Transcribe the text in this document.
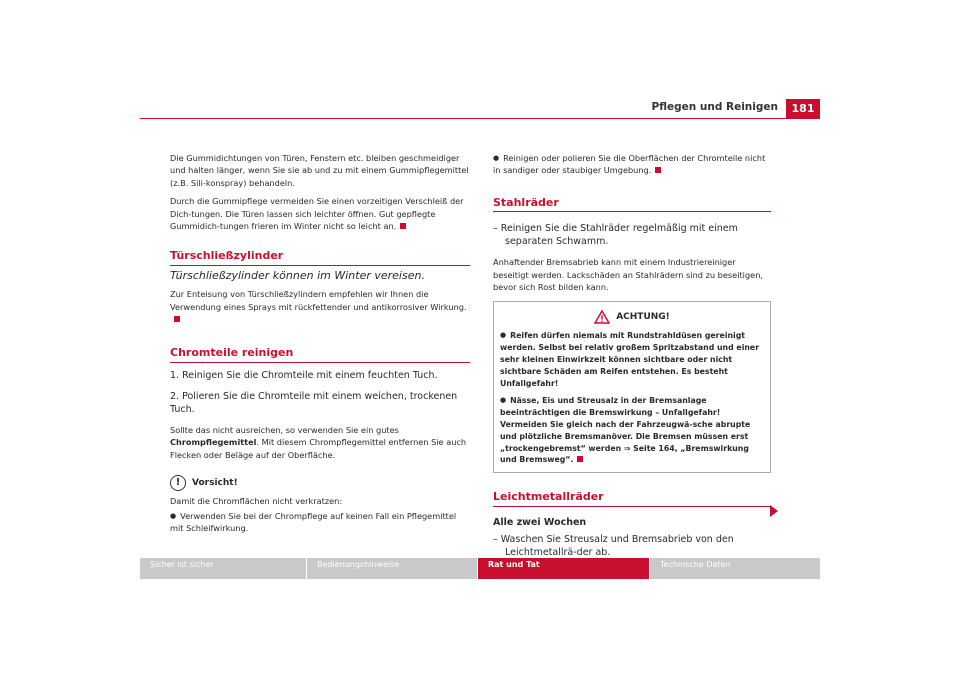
Pflegen und Reinigen	181

Die Gummidichtungen von Türen, Fenstern etc. bleiben geschmeidiger und halten länger, wenn Sie sie ab und zu mit einem Gummipflegemittel (z.B. Sili-konspray) behandeln.

Durch die Gummipflege vermeiden Sie einen vorzeitigen Verschleiß der Dich-tungen. Die Türen lassen sich leichter öffnen. Gut gepflegte Gummidich-tungen frieren im Winter nicht so leicht an.

Türschließzylinder
Türschließzylinder können im Winter vereisen.

Zur Enteisung von Türschließzylindern empfehlen wir Ihnen die Verwendung eines Sprays mit rückfettender und antikorrosiver Wirkung.

Chromteile reinigen
1. Reinigen Sie die Chromteile mit einem feuchten Tuch.
2. Polieren Sie die Chromteile mit einem weichen, trockenen Tuch.

Sollte das nicht ausreichen, so verwenden Sie ein gutes Chrompflegemittel. Mit diesem Chrompflegemittel entfernen Sie auch Flecken oder Beläge auf der Oberfläche.

!	Vorsicht!

Damit die Chromflächen nicht verkratzen:

● Verwenden Sie bei der Chrompflege auf keinen Fall ein Pflegemittel mit Schleifwirkung.

● Reinigen oder polieren Sie die Oberflächen der Chromteile nicht in sandiger oder staubiger Umgebung.

Stahlräder
– Reinigen Sie die Stahlräder regelmäßig mit einem separaten Schwamm.

Anhaftender Bremsabrieb kann mit einem Industriereiniger beseitigt werden. Lackschäden an Stahlrädern sind zu beseitigen, bevor sich Rost bilden kann.

ACHTUNG!

● Reifen dürfen niemals mit Rundstrahldüsen gereinigt werden. Selbst bei relativ großem Spritzabstand und einer sehr kleinen Einwirkzeit können sichtbare oder nicht sichtbare Schäden am Reifen entstehen. Es besteht Unfallgefahr!

● Nässe, Eis und Streusalz in der Bremsanlage beeinträchtigen die Bremswirkung – Unfallgefahr! Vermeiden Sie gleich nach der Fahrzeugwä-sche abrupte und plötzliche Bremsmanöver. Die Bremsen müssen erst „trockengebremst“ werden ⇒ Seite 164, „Bremswirkung und Bremsweg“.

Leichtmetallräder
Alle zwei Wochen
– Waschen Sie Streusalz und Bremsabrieb von den Leichtmetallrä-der ab.
Sicher ist sicher	Bedienungshinweise	Rat und Tat	Technische Daten
